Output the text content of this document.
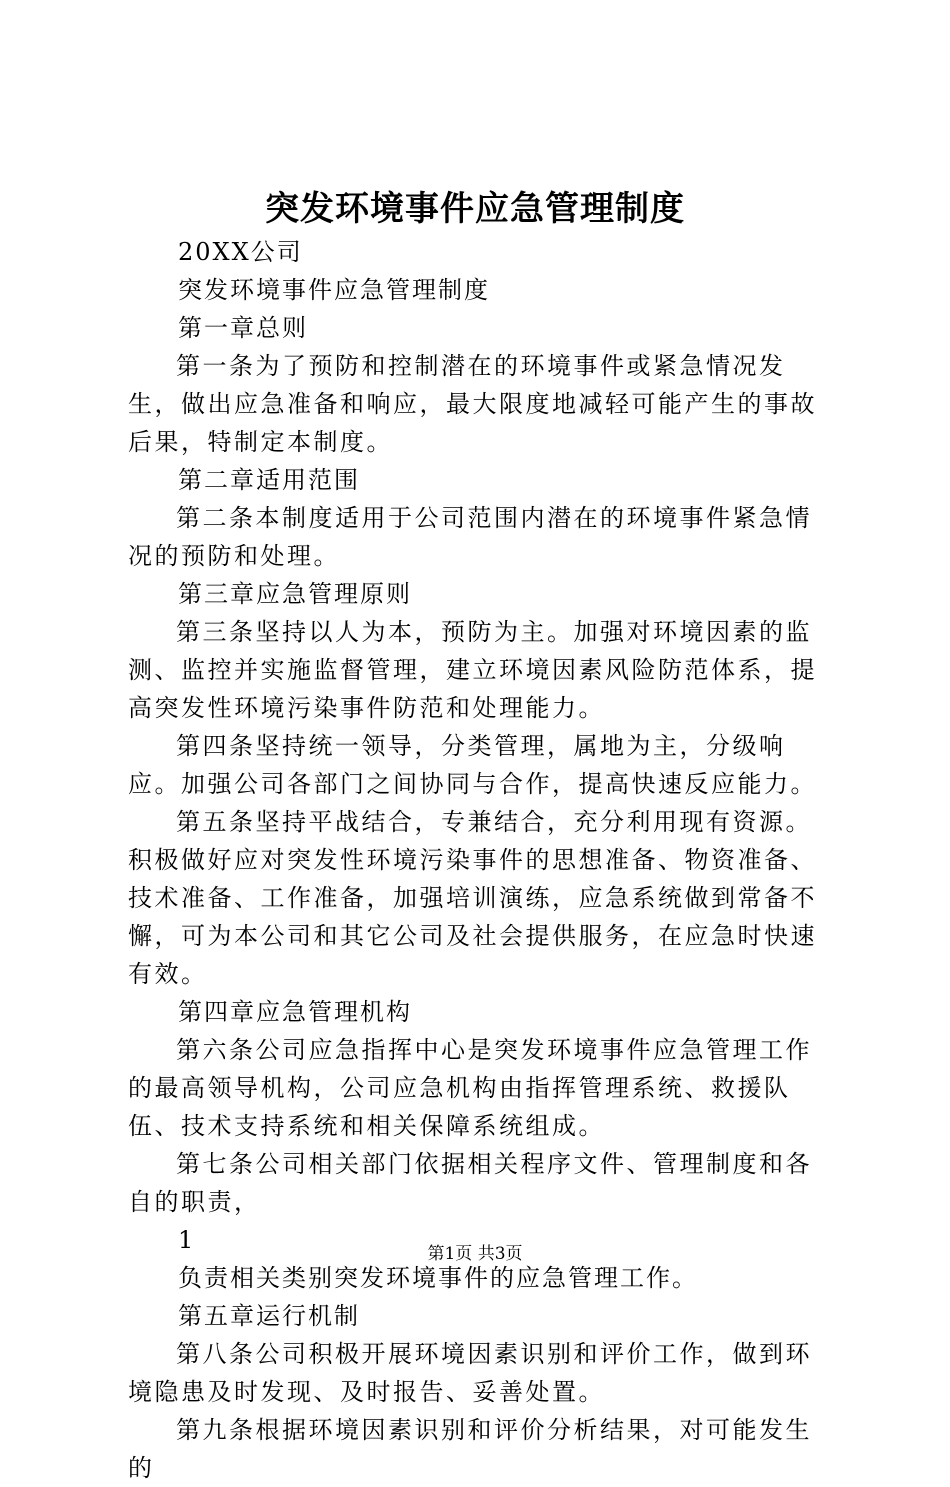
突发环境事件应急管理制度
20XX公司
突发环境事件应急管理制度
第一章总则
第一条为了预防和控制潜在的环境事件或紧急情况发生，做出应急准备和响应，最大限度地减轻可能产生的事故后果，特制定本制度。
第二章适用范围
第二条本制度适用于公司范围内潜在的环境事件紧急情况的预防和处理。
第三章应急管理原则
第三条坚持以人为本，预防为主。加强对环境因素的监测、监控并实施监督管理，建立环境因素风险防范体系，提高突发性环境污染事件防范和处理能力。
第四条坚持统一领导，分类管理，属地为主，分级响应。加强公司各部门之间协同与合作，提高快速反应能力。
第五条坚持平战结合，专兼结合，充分利用现有资源。积极做好应对突发性环境污染事件的思想准备、物资准备、技术准备、工作准备，加强培训演练，应急系统做到常备不懈，可为本公司和其它公司及社会提供服务，在应急时快速有效。
第四章应急管理机构
第六条公司应急指挥中心是突发环境事件应急管理工作的最高领导机构，公司应急机构由指挥管理系统、救援队伍、技术支持系统和相关保障系统组成。
第七条公司相关部门依据相关程序文件、管理制度和各自的职责，
1
负责相关类别突发环境事件的应急管理工作。
第五章运行机制
第八条公司积极开展环境因素识别和评价工作，做到环境隐患及时发现、及时报告、妥善处置。
第九条根据环境因素识别和评价分析结果，对可能发生的
第1页 共3页
